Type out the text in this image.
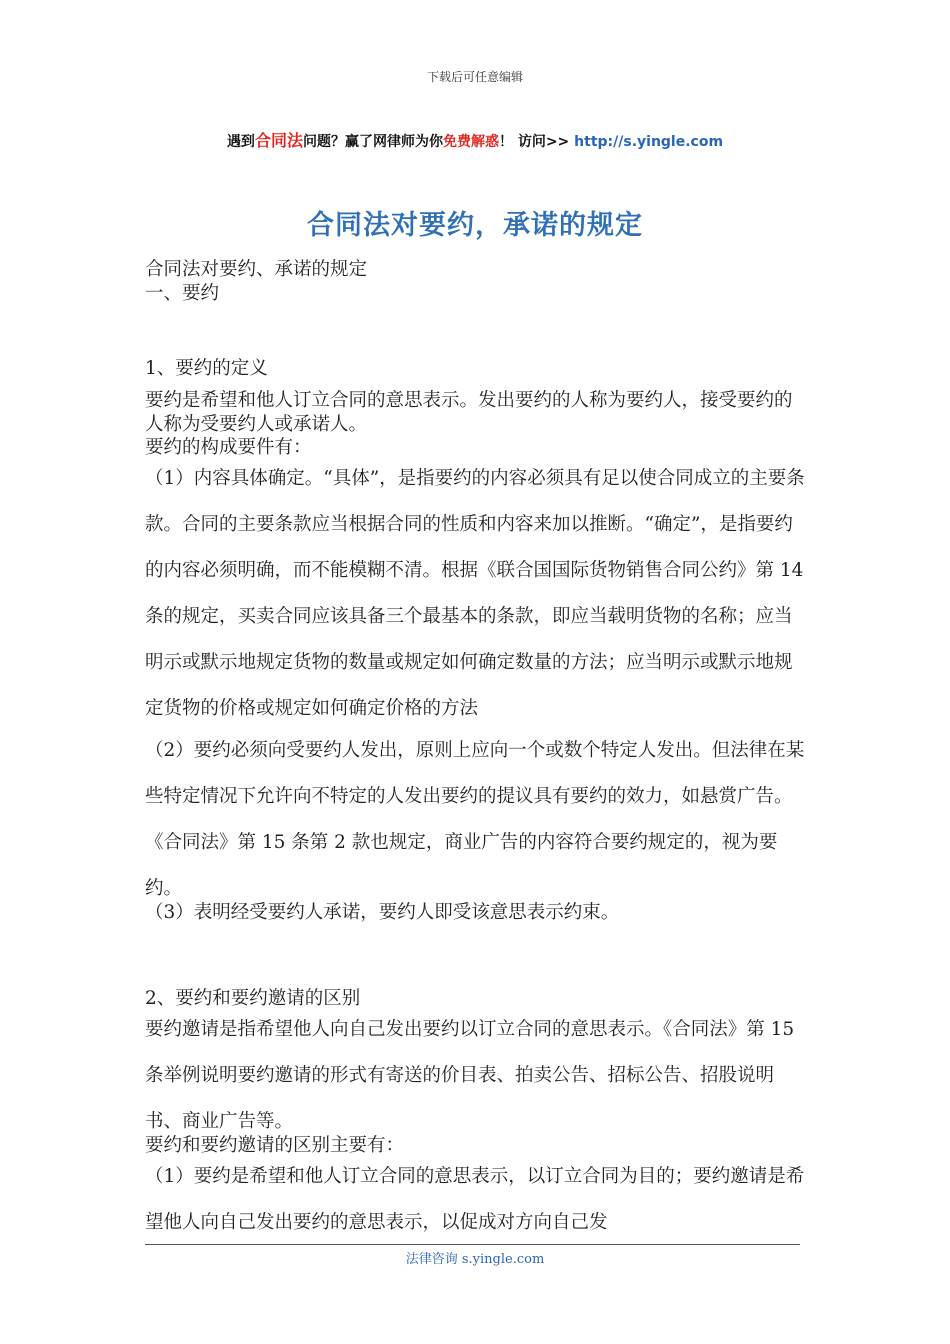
下载后可任意编辑
遇到合同法问题？赢了网律师为你免费解惑！ 访问>> http://s.yingle.com
合同法对要约，承诺的规定

合同法对要约、承诺的规定

一、要约

1、要约的定义

要约是希望和他人订立合同的意思表示。发出要约的人称为要约人，接受要约的人称为受要约人或承诺人。

要约的构成要件有：

（1）内容具体确定。“具体”，是指要约的内容必须具有足以使合同成立的主要条款。合同的主要条款应当根据合同的性质和内容来加以推断。“确定”，是指要约的内容必须明确，而不能模糊不清。根据《联合国国际货物销售合同公约》第 14 条的规定，买卖合同应该具备三个最基本的条款，即应当载明货物的名称；应当明示或默示地规定货物的数量或规定如何确定数量的方法；应当明示或默示地规定货物的价格或规定如何确定价格的方法

（2）要约必须向受要约人发出，原则上应向一个或数个特定人发出。但法律在某些特定情况下允许向不特定的人发出要约的提议具有要约的效力，如悬赏广告。《合同法》第 15 条第 2 款也规定，商业广告的内容符合要约规定的，视为要约。

（3）表明经受要约人承诺，要约人即受该意思表示约束。

2、要约和要约邀请的区别

要约邀请是指希望他人向自己发出要约以订立合同的意思表示。《合同法》第 15 条举例说明要约邀请的形式有寄送的价目表、拍卖公告、招标公告、招股说明书、商业广告等。

要约和要约邀请的区别主要有：

（1）要约是希望和他人订立合同的意思表示，以订立合同为目的；要约邀请是希望他人向自己发出要约的意思表示，以促成对方向自己发

法律咨询 s.yingle.com
